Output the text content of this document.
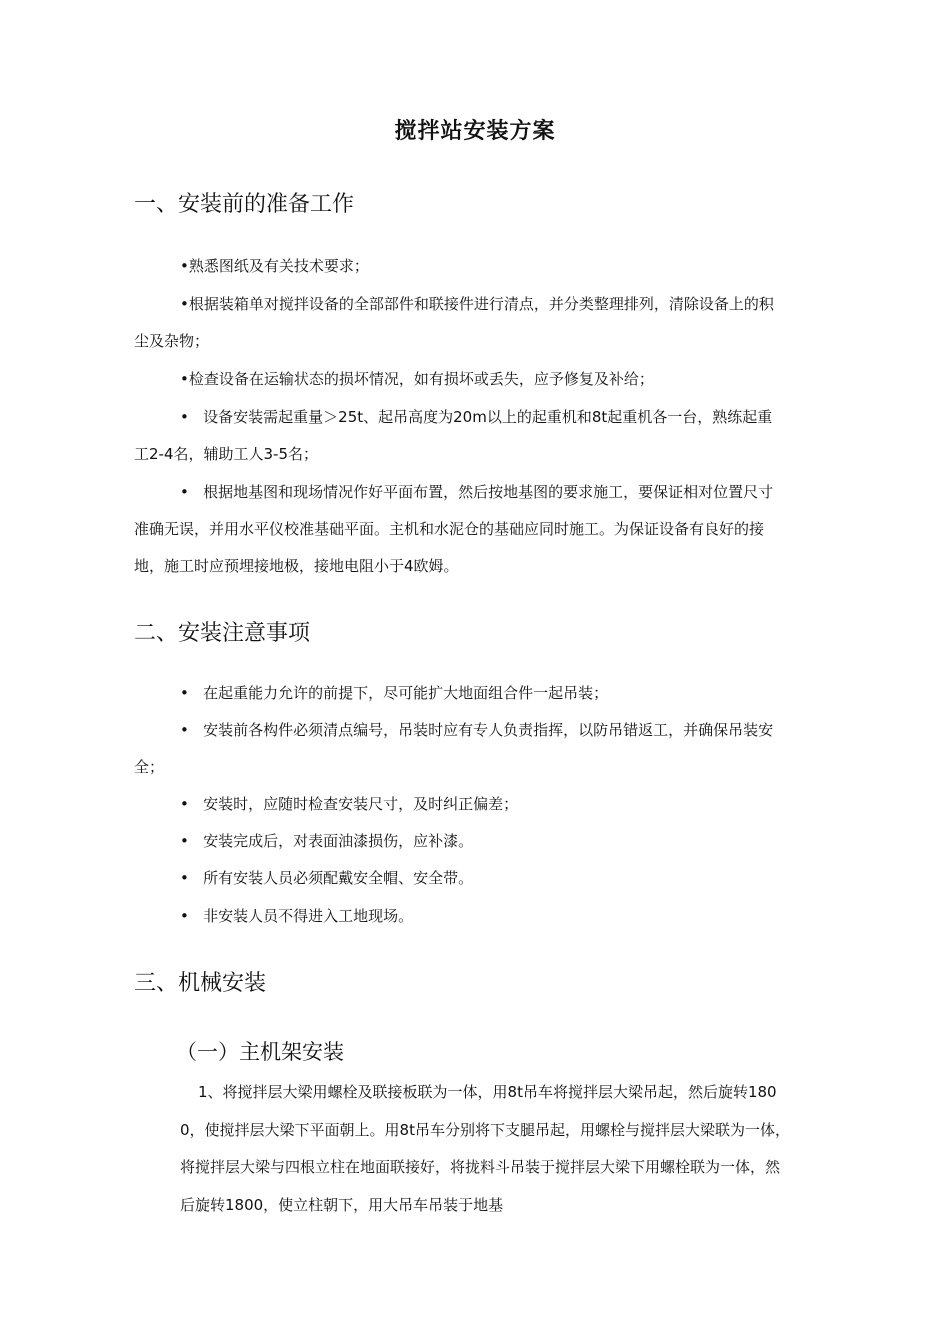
搅拌站安装方案
一、安装前的准备工作
•熟悉图纸及有关技术要求；
•根据装箱单对搅拌设备的全部部件和联接件进行清点，并分类整理排列，清除设备上的积
尘及杂物；
•检查设备在运输状态的损坏情况，如有损坏或丢失，应予修复及补给；
•   设备安装需起重量＞25t、起吊高度为20m以上的起重机和8t起重机各一台，熟练起重
工2-4名，辅助工人3-5名；
•   根据地基图和现场情况作好平面布置，然后按地基图的要求施工，要保证相对位置尺寸
准确无误，并用水平仪校准基础平面。主机和水泥仓的基础应同时施工。为保证设备有良好的接
地，施工时应预埋接地极，接地电阻小于4欧姆。
二、安装注意事项
•   在起重能力允许的前提下，尽可能扩大地面组合件一起吊装；
•   安装前各构件必须清点编号，吊装时应有专人负责指挥，以防吊错返工，并确保吊装安
全；
•   安装时，应随时检查安装尺寸，及时纠正偏差；
•   安装完成后，对表面油漆损伤，应补漆。
•   所有安装人员必须配戴安全帽、安全带。
•   非安装人员不得进入工地现场。
三、机械安装
（一）主机架安装
1、将搅拌层大梁用螺栓及联接板联为一体，用8t吊车将搅拌层大梁吊起，然后旋转180
0，使搅拌层大梁下平面朝上。用8t吊车分别将下支腿吊起，用螺栓与搅拌层大梁联为一体，
将搅拌层大梁与四根立柱在地面联接好，将拢料斗吊装于搅拌层大梁下用螺栓联为一体，然
后旋转1800，使立柱朝下，用大吊车吊装于地基
